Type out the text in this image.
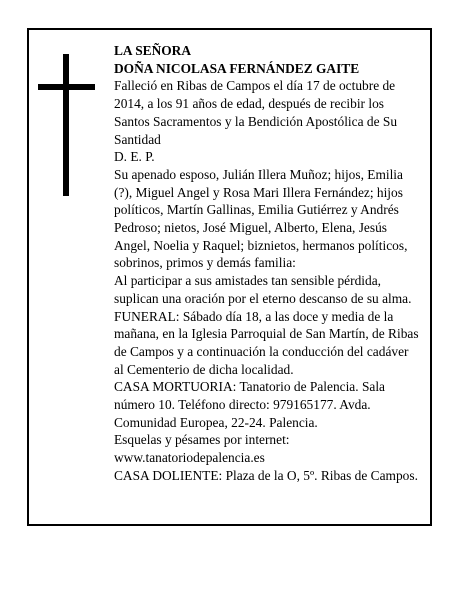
LA SEÑORA

DOÑA NICOLASA FERNÁNDEZ GAITE

Falleció en Ribas de Campos el día 17 de octubre de 2014, a los 91 años de edad, después de recibir los Santos Sacramentos y la Bendición Apostólica de Su Santidad

D. E. P.

Su apenado esposo, Julián Illera Muñoz; hijos, Emilia (?), Miguel Angel y Rosa Mari Illera Fernández; hijos políticos, Martín Gallinas, Emilia Gutiérrez y Andrés Pedroso; nietos, José Miguel, Alberto, Elena, Jesús Angel, Noelia y Raquel; biznietos, hermanos políticos, sobrinos, primos y demás familia:

Al participar a sus amistades tan sensible pérdida, suplican una oración por el eterno descanso de su alma.

FUNERAL: Sábado día 18, a las doce y media de la mañana, en la Iglesia Parroquial de San Martín, de Ribas de Campos y a continuación la conducción del cadáver al Cementerio de dicha localidad.

CASA MORTUORIA: Tanatorio de Palencia. Sala número 10. Teléfono directo: 979165177. Avda. Comunidad Europea, 22-24. Palencia.

Esquelas y pésames por internet: www.tanatoriodepalencia.es

CASA DOLIENTE: Plaza de la O, 5º. Ribas de Campos.
